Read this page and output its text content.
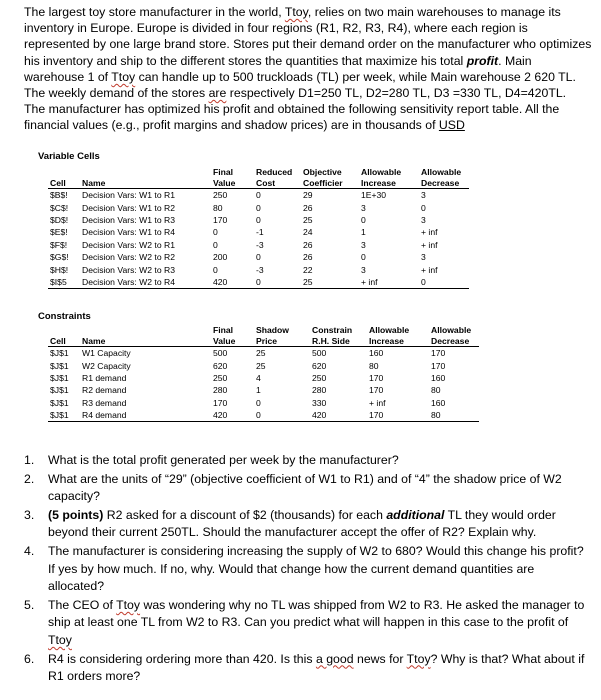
The largest toy store manufacturer in the world, Ttoy, relies on two main warehouses to manage its inventory in Europe. Europe is divided in four regions (R1, R2, R3, R4), where each region is represented by one large brand store. Stores put their demand order on the manufacturer who optimizes his inventory and ship to the different stores the quantities that maximize his total profit. Main warehouse 1 of Ttoy can handle up to 500 truckloads (TL) per week, while Main warehouse 2 620 TL. The weekly demand of the stores are respectively D1=250 TL, D2=280 TL, D3 =330 TL, D4=420TL.

The manufacturer has optimized his profit and obtained the following sensitivity report table. All the financial values (e.g., profit margins and shadow prices) are in thousands of USD

Variable Cells
		Final	Reduced	Objective	Allowable	Allowable
Cell	Name	Value	Cost	Coefficier	Increase	Decrease
$B$!	Decision Vars: W1 to R1	250	0	29	1E+30	3
$C$!	Decision Vars: W1 to R2	80	0	26	3	0
$D$!	Decision Vars: W1 to R3	170	0	25	0	3
$E$!	Decision Vars: W1 to R4	0	-1	24	1	+ inf
$F$!	Decision Vars: W2 to R1	0	-3	26	3	+ inf
$G$!	Decision Vars: W2 to R2	200	0	26	0	3
$H$!	Decision Vars: W2 to R3	0	-3	22	3	+ inf
$I$5	Decision Vars: W2 to R4	420	0	25	+ inf	0
Constraints
		Final	Shadow	Constrain	Allowable	Allowable
Cell	Name	Value	Price	R.H. Side	Increase	Decrease
$J$1	W1 Capacity	500	25	500	160	170
$J$1	W2 Capacity	620	25	620	80	170
$J$1	R1 demand	250	4	250	170	160
$J$1	R2 demand	280	1	280	170	80
$J$1	R3 demand	170	0	330	+ inf	160
$J$1	R4 demand	420	0	420	170	80
1. What is the total profit generated per week by the manufacturer?
2. What are the units of “29” (objective coefficient of W1 to R1) and of “4” the shadow price of W2 capacity?
3. (5 points) R2 asked for a discount of $2 (thousands) for each additional TL they would order beyond their current 250TL. Should the manufacturer accept the offer of R2? Explain why.
4. The manufacturer is considering increasing the supply of W2 to 680? Would this change his profit? If yes by how much. If no, why. Would that change how the current demand quantities are allocated?
5. The CEO of Ttoy was wondering why no TL was shipped from W2 to R3. He asked the manager to ship at least one TL from W2 to R3. Can you predict what will happen in this case to the profit of Ttoy
6. R4 is considering ordering more than 420. Is this a good news for Ttoy? Why is that? What about if R1 orders more?
